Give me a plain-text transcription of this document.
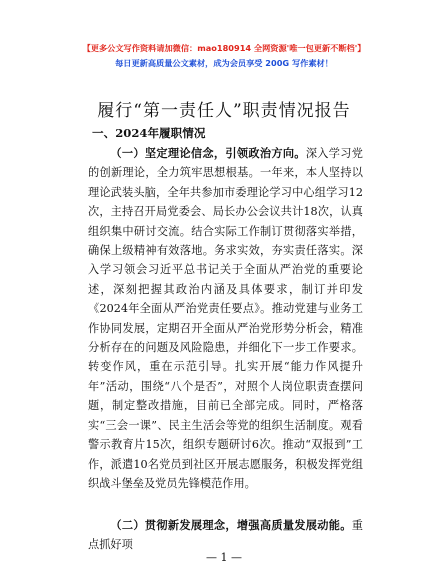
【更多公文写作资料请加微信：mao180914 全网资源'唯一包更新不断档'】
每日更新高质量公文素材，成为会员享受 200G 写作素材！
履行“第一责任人”职责情况报告
一、2024年履职情况

（一）坚定理论信念，引领政治方向。深入学习党的创新理论，全力筑牢思想根基。一年来，本人坚持以理论武装头脑，全年共参加市委理论学习中心组学习12次，主持召开局党委会、局长办公会议共计18次，认真组织集中研讨交流。结合实际工作制订贯彻落实举措，确保上级精神有效落地。务求实效，夯实责任落实。深入学习领会习近平总书记关于全面从严治党的重要论述，深刻把握其政治内涵及具体要求，制订并印发《2024年全面从严治党责任要点》。推动党建与业务工作协同发展，定期召开全面从严治党形势分析会，精准分析存在的问题及风险隐患，并细化下一步工作要求。转变作风，重在示范引导。扎实开展“能力作风提升年”活动，围绕“八个是否”，对照个人岗位职责查摆问题，制定整改措施，目前已全部完成。同时，严格落实“三会一课”、民主生活会等党的组织生活制度。观看警示教育片15次，组织专题研讨6次。推动“双报到”工作，派遣10名党员到社区开展志愿服务，积极发挥党组织战斗堡垒及党员先锋模范作用。

（二）贯彻新发展理念，增强高质量发展动能。重点抓好项

— 1 —
